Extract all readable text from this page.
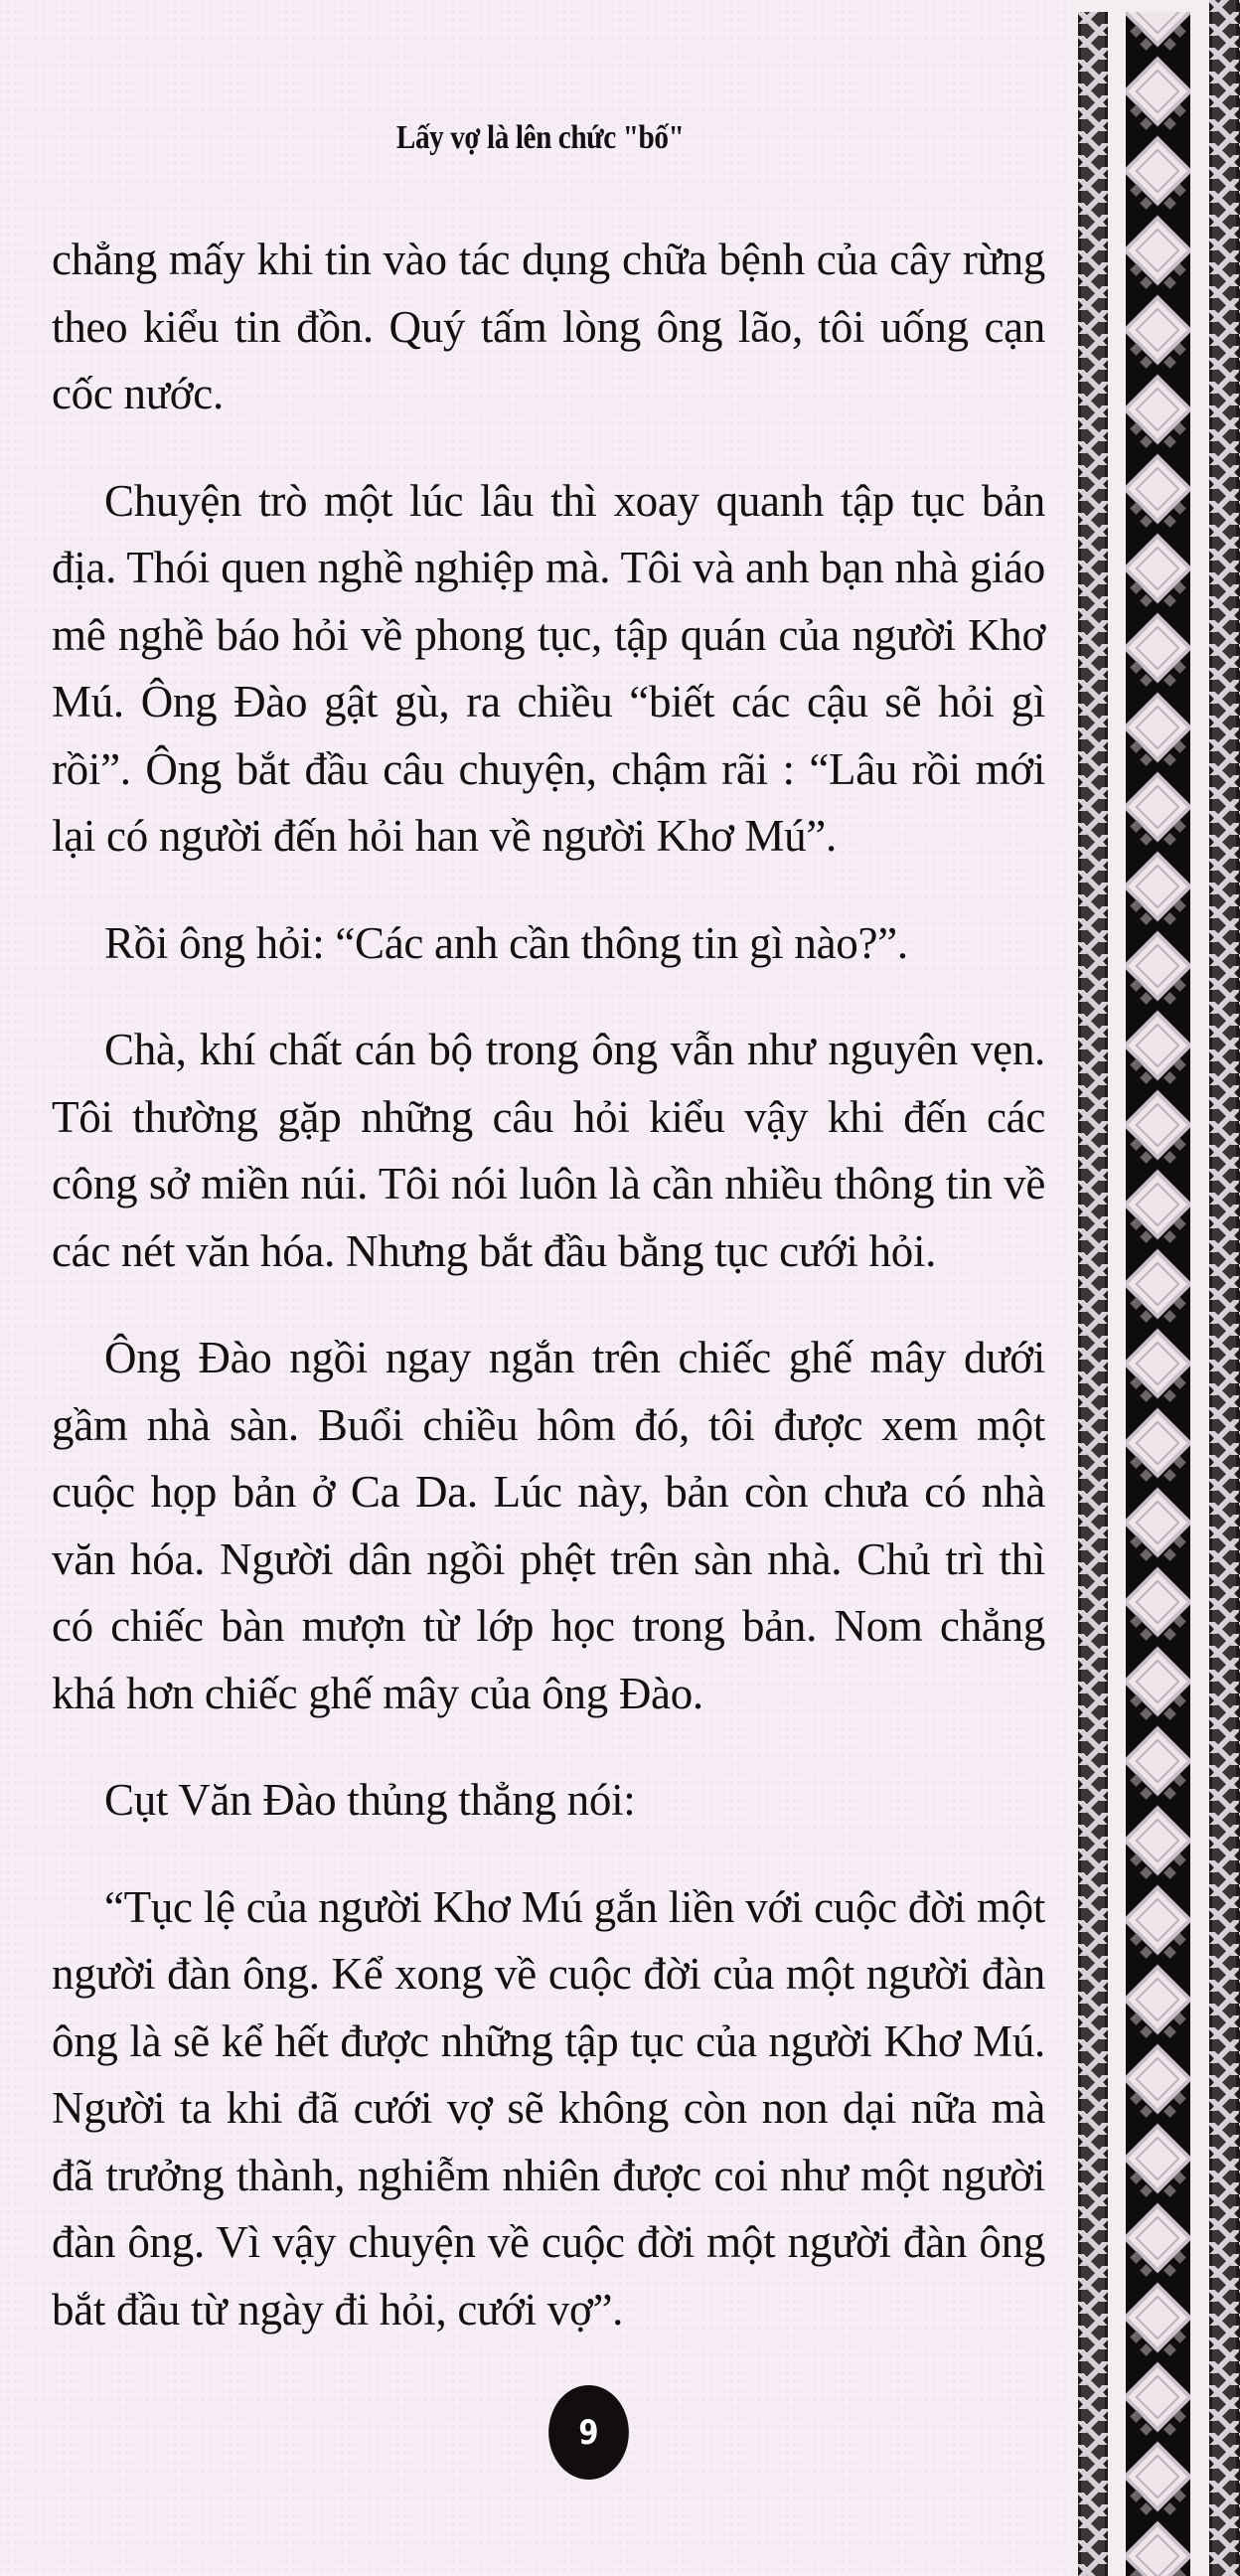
Lấy vợ là lên chức "bố"

chẳng mấy khi tin vào tác dụng chữa bệnh của cây rừng theo kiểu tin đồn. Quý tấm lòng ông lão, tôi uống cạn cốc nước.

Chuyện trò một lúc lâu thì xoay quanh tập tục bản địa. Thói quen nghề nghiệp mà. Tôi và anh bạn nhà giáo mê nghề báo hỏi về phong tục, tập quán của người Khơ Mú. Ông Đào gật gù, ra chiều “biết các cậu sẽ hỏi gì rồi”. Ông bắt đầu câu chuyện, chậm rãi : “Lâu rồi mới lại có người đến hỏi han về người Khơ Mú”.

Rồi ông hỏi: “Các anh cần thông tin gì nào?”.

Chà, khí chất cán bộ trong ông vẫn như nguyên vẹn. Tôi thường gặp những câu hỏi kiểu vậy khi đến các công sở miền núi. Tôi nói luôn là cần nhiều thông tin về các nét văn hóa. Nhưng bắt đầu bằng tục cưới hỏi.

Ông Đào ngồi ngay ngắn trên chiếc ghế mây dưới gầm nhà sàn. Buổi chiều hôm đó, tôi được xem một cuộc họp bản ở Ca Da. Lúc này, bản còn chưa có nhà văn hóa. Người dân ngồi phệt trên sàn nhà. Chủ trì thì có chiếc bàn mượn từ lớp học trong bản. Nom chẳng khá hơn chiếc ghế mây của ông Đào.

Cụt Văn Đào thủng thẳng nói:

“Tục lệ của người Khơ Mú gắn liền với cuộc đời một người đàn ông. Kể xong về cuộc đời của một người đàn ông là sẽ kể hết được những tập tục của người Khơ Mú. Người ta khi đã cưới vợ sẽ không còn non dại nữa mà đã trưởng thành, nghiễm nhiên được coi như một người đàn ông. Vì vậy chuyện về cuộc đời một người đàn ông bắt đầu từ ngày đi hỏi, cưới vợ”.

9
